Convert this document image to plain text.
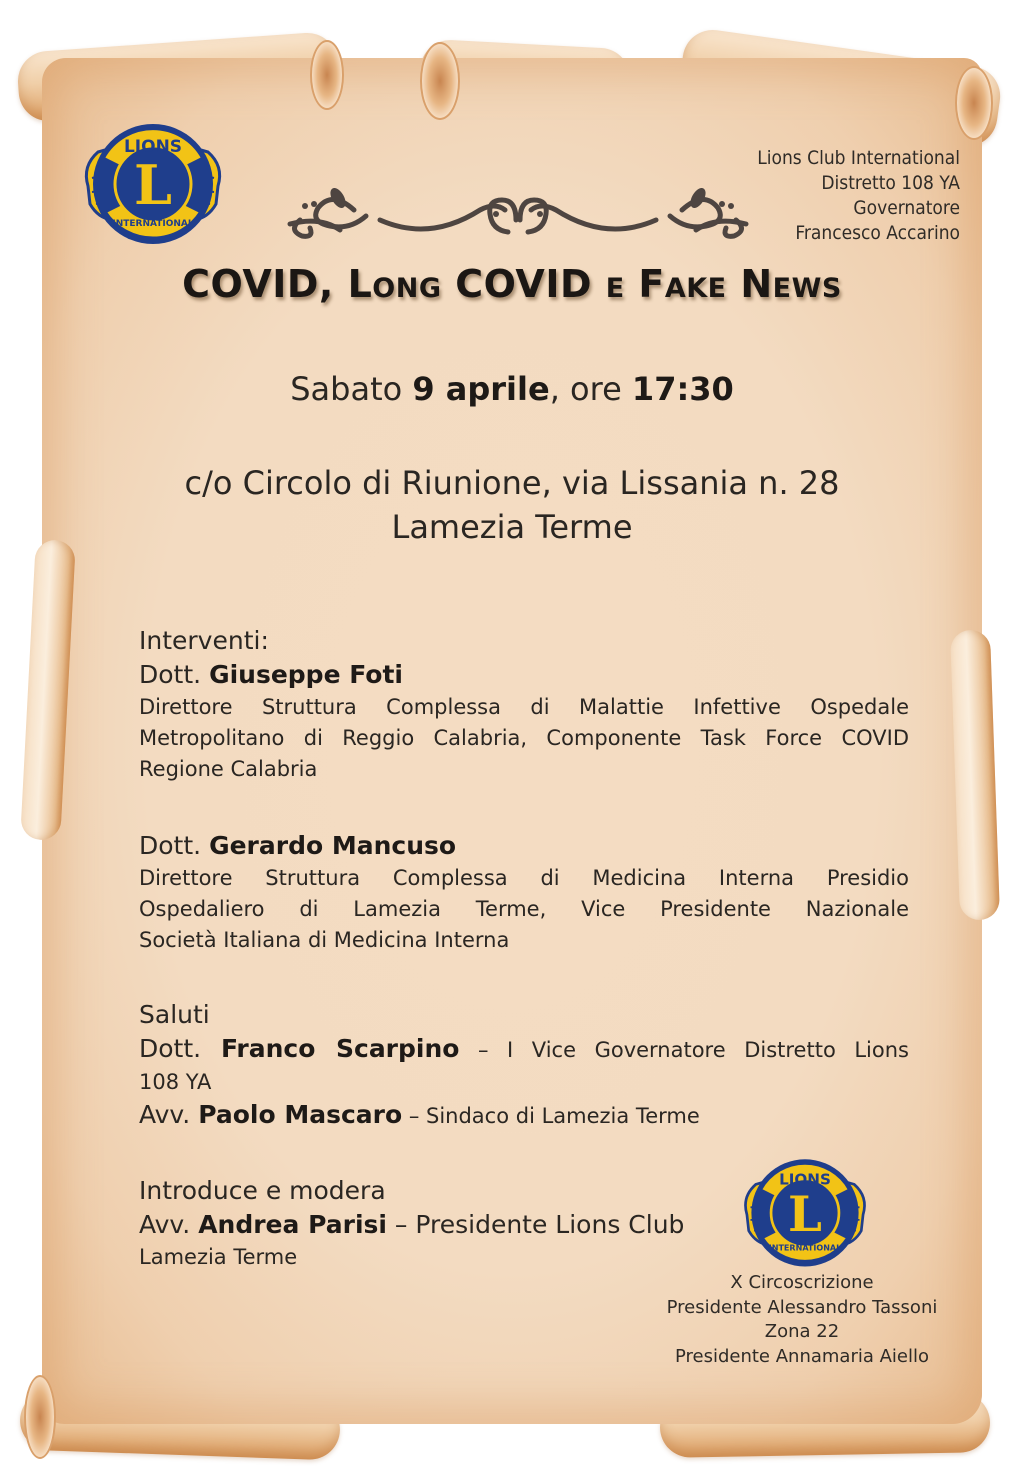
L
LIONS
INTERNATIONAL
Lions Club International
Distretto 108 YA
Governatore
Francesco Accarino
COVID, Long COVID e Fake News
Sabato 9 aprile, ore 17:30
c/o Circolo di Riunione, via Lissania n. 28
Lamezia Terme
Interventi:
Dott. Giuseppe Foti
Direttore Struttura Complessa di Malattie Infettive Ospedale
Metropolitano di Reggio Calabria, Componente Task Force COVID
Regione Calabria
Dott. Gerardo Mancuso
Direttore Struttura Complessa di Medicina Interna Presidio
Ospedaliero di Lamezia Terme, Vice Presidente Nazionale
Società Italiana di Medicina Interna
Saluti
Dott. Franco Scarpino – I Vice Governatore Distretto Lions
108 YA
Avv. Paolo Mascaro – Sindaco di Lamezia Terme
Introduce e modera
Avv. Andrea Parisi – Presidente Lions Club
Lamezia Terme
L
LIONS
INTERNATIONAL
X Circoscrizione
Presidente Alessandro Tassoni
Zona 22
Presidente Annamaria Aiello
